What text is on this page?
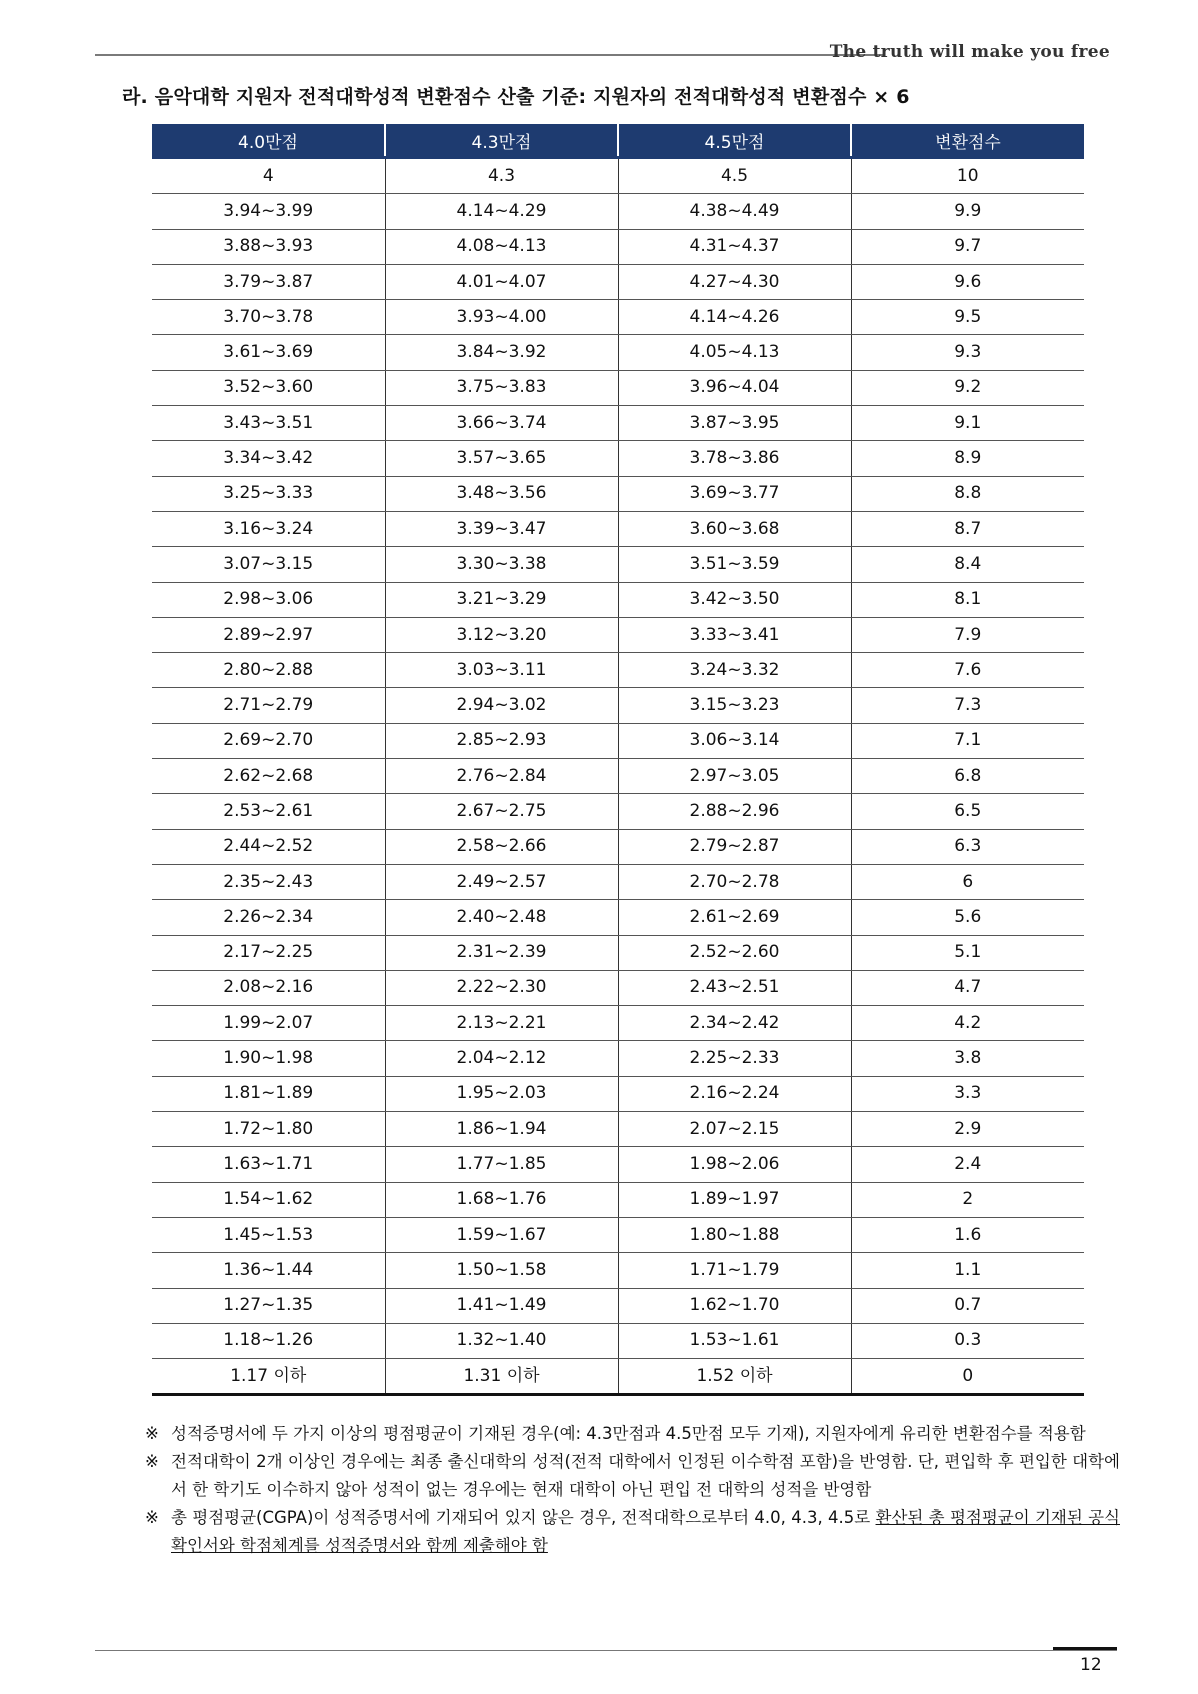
The truth will make you free
라. 음악대학 지원자 전적대학성적 변환점수 산출 기준: 지원자의 전적대학성적 변환점수 × 6
4.0만점	4.3만점	4.5만점	변환점수
4	4.3	4.5	10
3.94~3.99	4.14~4.29	4.38~4.49	9.9
3.88~3.93	4.08~4.13	4.31~4.37	9.7
3.79~3.87	4.01~4.07	4.27~4.30	9.6
3.70~3.78	3.93~4.00	4.14~4.26	9.5
3.61~3.69	3.84~3.92	4.05~4.13	9.3
3.52~3.60	3.75~3.83	3.96~4.04	9.2
3.43~3.51	3.66~3.74	3.87~3.95	9.1
3.34~3.42	3.57~3.65	3.78~3.86	8.9
3.25~3.33	3.48~3.56	3.69~3.77	8.8
3.16~3.24	3.39~3.47	3.60~3.68	8.7
3.07~3.15	3.30~3.38	3.51~3.59	8.4
2.98~3.06	3.21~3.29	3.42~3.50	8.1
2.89~2.97	3.12~3.20	3.33~3.41	7.9
2.80~2.88	3.03~3.11	3.24~3.32	7.6
2.71~2.79	2.94~3.02	3.15~3.23	7.3
2.69~2.70	2.85~2.93	3.06~3.14	7.1
2.62~2.68	2.76~2.84	2.97~3.05	6.8
2.53~2.61	2.67~2.75	2.88~2.96	6.5
2.44~2.52	2.58~2.66	2.79~2.87	6.3
2.35~2.43	2.49~2.57	2.70~2.78	6
2.26~2.34	2.40~2.48	2.61~2.69	5.6
2.17~2.25	2.31~2.39	2.52~2.60	5.1
2.08~2.16	2.22~2.30	2.43~2.51	4.7
1.99~2.07	2.13~2.21	2.34~2.42	4.2
1.90~1.98	2.04~2.12	2.25~2.33	3.8
1.81~1.89	1.95~2.03	2.16~2.24	3.3
1.72~1.80	1.86~1.94	2.07~2.15	2.9
1.63~1.71	1.77~1.85	1.98~2.06	2.4
1.54~1.62	1.68~1.76	1.89~1.97	2
1.45~1.53	1.59~1.67	1.80~1.88	1.6
1.36~1.44	1.50~1.58	1.71~1.79	1.1
1.27~1.35	1.41~1.49	1.62~1.70	0.7
1.18~1.26	1.32~1.40	1.53~1.61	0.3
1.17 이하	1.31 이하	1.52 이하	0
※ 성적증명서에 두 가지 이상의 평점평균이 기재된 경우(예: 4.3만점과 4.5만점 모두 기재), 지원자에게 유리한 변환점수를 적용함
※ 전적대학이 2개 이상인 경우에는 최종 출신대학의 성적(전적 대학에서 인정된 이수학점 포함)을 반영함. 단, 편입학 후 편입한 대학에서 한 학기도 이수하지 않아 성적이 없는 경우에는 현재 대학이 아닌 편입 전 대학의 성적을 반영함
※ 총 평점평균(CGPA)이 성적증명서에 기재되어 있지 않은 경우, 전적대학으로부터 4.0, 4.3, 4.5로 환산된 총 평점평균이 기재된 공식 확인서와 학점체계를 성적증명서와 함께 제출해야 함
12
